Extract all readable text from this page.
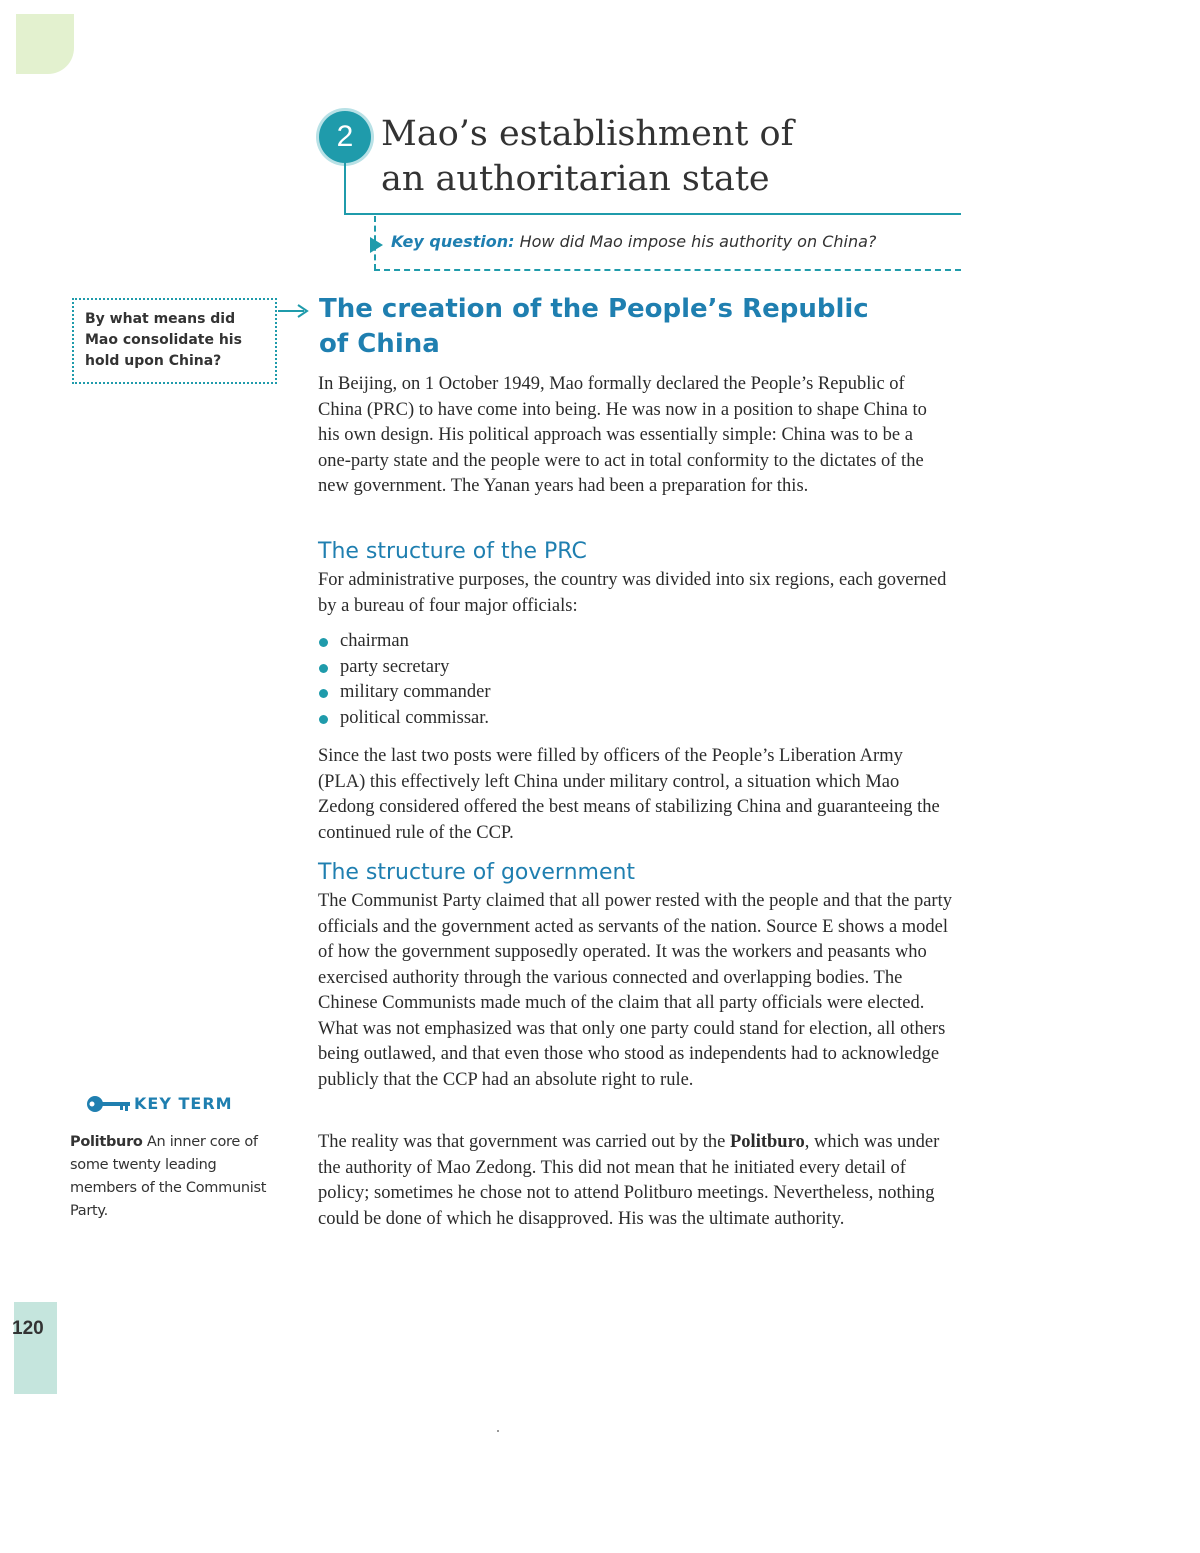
120
2 Mao’s establishment of
an authoritarian state
Key question: How did Mao impose his authority on China?
By what means did Mao consolidate his hold upon China?
The creation of the People’s Republic
of China

In Beijing, on 1 October 1949, Mao formally declared the People’s Republic of China (PRC) to have come into being. He was now in a position to shape China to his own design. His political approach was essentially simple: China was to be a one-party state and the people were to act in total conformity to the dictates of the new government. The Yanan years had been a preparation for this.

The structure of the PRC

For administrative purposes, the country was divided into six regions, each governed by a bureau of four major officials:

chairman
party secretary
military commander
political commissar.

Since the last two posts were filled by officers of the People’s Liberation Army (PLA) this effectively left China under military control, a situation which Mao Zedong considered offered the best means of stabilizing China and guaranteeing the continued rule of the CCP.

The structure of government

The Communist Party claimed that all power rested with the people and that the party officials and the government acted as servants of the nation. Source E shows a model of how the government supposedly operated. It was the workers and peasants who exercised authority through the various connected and overlapping bodies. The Chinese Communists made much of the claim that all party officials were elected. What was not emphasized was that only one party could stand for election, all others being outlawed, and that even those who stood as independents had to acknowledge publicly that the CCP had an absolute right to rule.

The reality was that government was carried out by the Politburo, which was under the authority of Mao Zedong. This did not mean that he initiated every detail of policy; sometimes he chose not to attend Politburo meetings. Nevertheless, nothing could be done of which he disapproved. His was the ultimate authority.

KEY TERM

Politburo An inner core of some twenty leading members of the Communist Party.
